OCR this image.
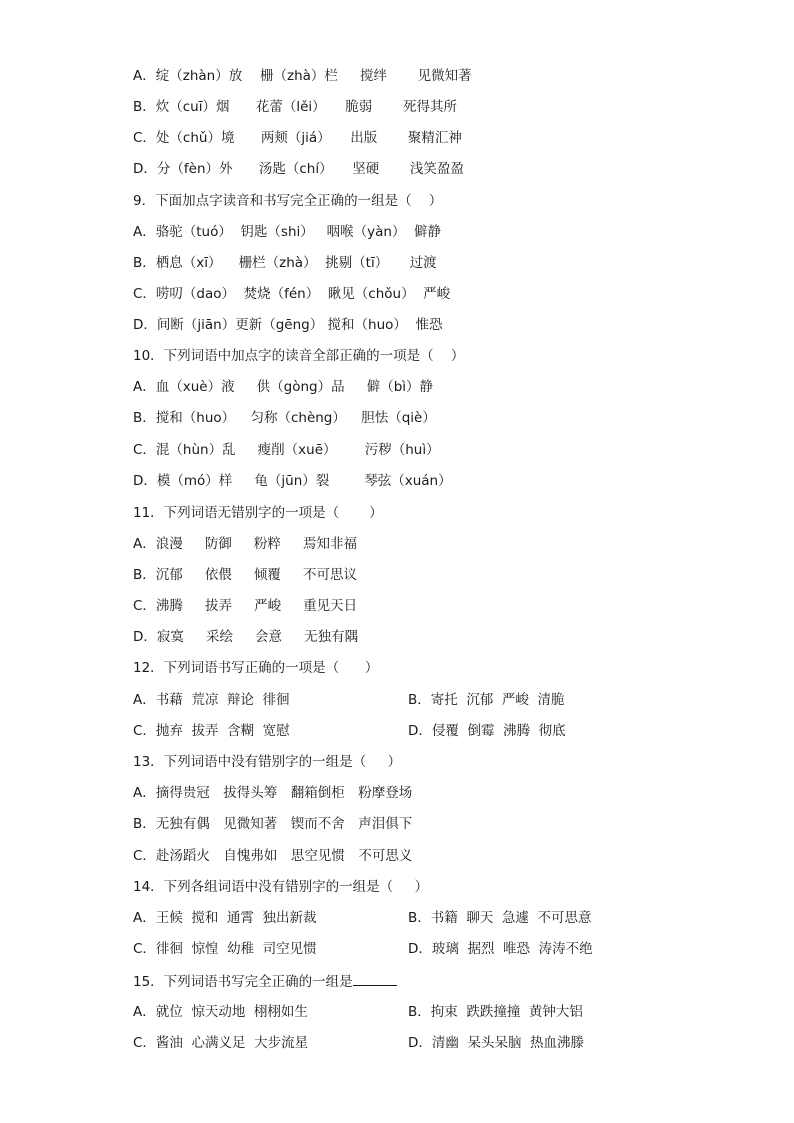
A．绽（zhàn）放　 栅（zhà）栏　  搅绊　    见微知著
B．炊（cuī）烟　   花蕾（lěi）　   脆弱　    死得其所
C．处（chǔ）境　   两颊（jiá）　   出版　    聚精汇神
D．分（fèn）外　   汤匙（chí）　   坚硬　    浅笑盈盈
9．下面加点字读音和书写完全正确的一组是（    ）
A．骆驼（tuó）  钥匙（shi）   咽喉（yàn）  僻静
B．栖息（xī）    栅栏（zhà）  挑剔（tī）     过渡
C．唠叨（dao）  焚烧（fén）  瞅见（chǒu）  严峻
D．间断（jiān）更新（gēng） 搅和（huo）  惟恐
10．下列词语中加点字的读音全部正确的一项是（    ）
A．血（xuè）液　  供（gòng）品　  僻（bì）静
B．搅和（huo）　  匀称（chèng）　  胆怯（qiè）
C．混（hùn）乱　  瘦削（xuē）　     污秽（huì）
D．模（mó）样　  龟（jūn）裂　     琴弦（xuán）
11．下列词语无错别字的一项是（       ）
A．浪漫　  防御　  粉粹　  焉知非福
B．沉郁　  依偎　  倾覆　  不可思议
C．沸腾　  拔弄　  严峻　  重见天日
D．寂寞　  采绘　  会意　  无独有隅
12．下列词语书写正确的一项是（      ）
A．书藉  荒凉  辩论  徘徊	B．寄托  沉郁  严峻  清脆
C．抛弃  拔弄  含糊  宽慰	D．侵覆  倒霉  沸腾  彻底
13．下列词语中没有错别字的一组是（     ）
A．摘得贵冠　拔得头筹　翻箱倒柜　粉摩登场
B．无独有偶　见微知著　锲而不舍　声泪俱下
C．赴汤蹈火　自愧弗如　思空见惯　不可思义
14．下列各组词语中没有错别字的一组是（     ）
A．王候  搅和  通霄  独出新裁	B．书籍  聊天  急遽  不可思意
C．徘徊  惊惶  幼稚  司空见惯	D．玻璃  据烈  唯恐  涛涛不绝
15．下列词语书写完全正确的一组是
A．就位  惊天动地  栩栩如生	B．拘束  跌跌撞撞  黄钟大铝
C．酱油  心满义足  大步流星	D．清幽  呆头呆脑  热血沸滕
